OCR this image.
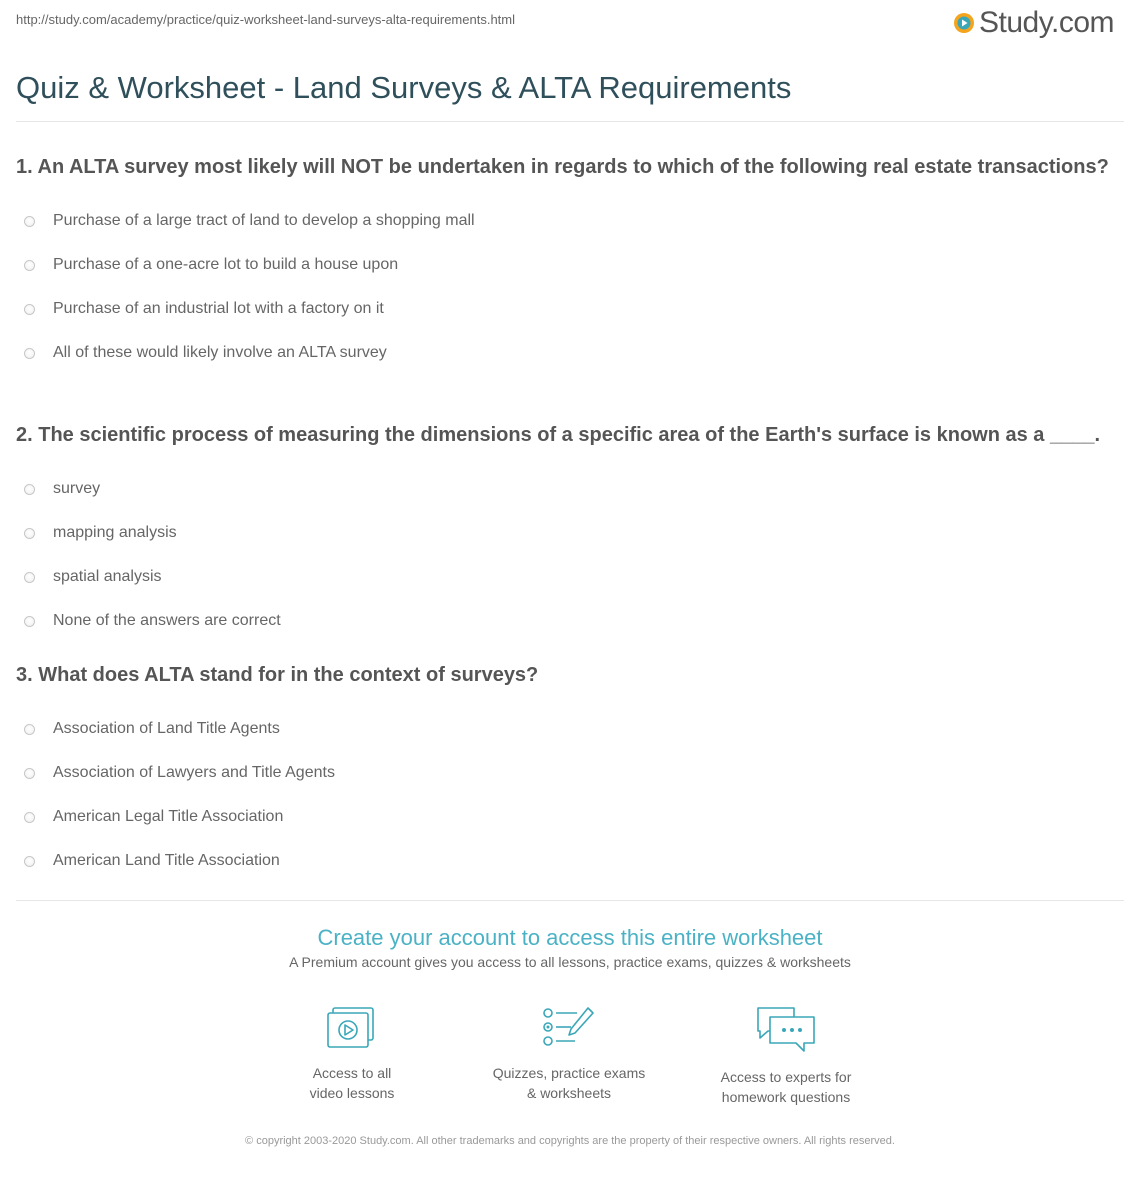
http://study.com/academy/practice/quiz-worksheet-land-surveys-alta-requirements.html	Study.com
Quiz & Worksheet - Land Surveys & ALTA Requirements
1. An ALTA survey most likely will NOT be undertaken in regards to which of the following real estate transactions?
Purchase of a large tract of land to develop a shopping mall
Purchase of a one-acre lot to build a house upon
Purchase of an industrial lot with a factory on it
All of these would likely involve an ALTA survey
2. The scientific process of measuring the dimensions of a specific area of the Earth's surface is known as a ____.
survey
mapping analysis
spatial analysis
None of the answers are correct
3. What does ALTA stand for in the context of surveys?
Association of Land Title Agents
Association of Lawyers and Title Agents
American Legal Title Association
American Land Title Association
Create your account to access this entire worksheet
A Premium account gives you access to all lessons, practice exams, quizzes & worksheets
Access to all
video lessons
Quizzes, practice exams
& worksheets
Access to experts for
homework questions
© copyright 2003-2020 Study.com. All other trademarks and copyrights are the property of their respective owners. All rights reserved.
